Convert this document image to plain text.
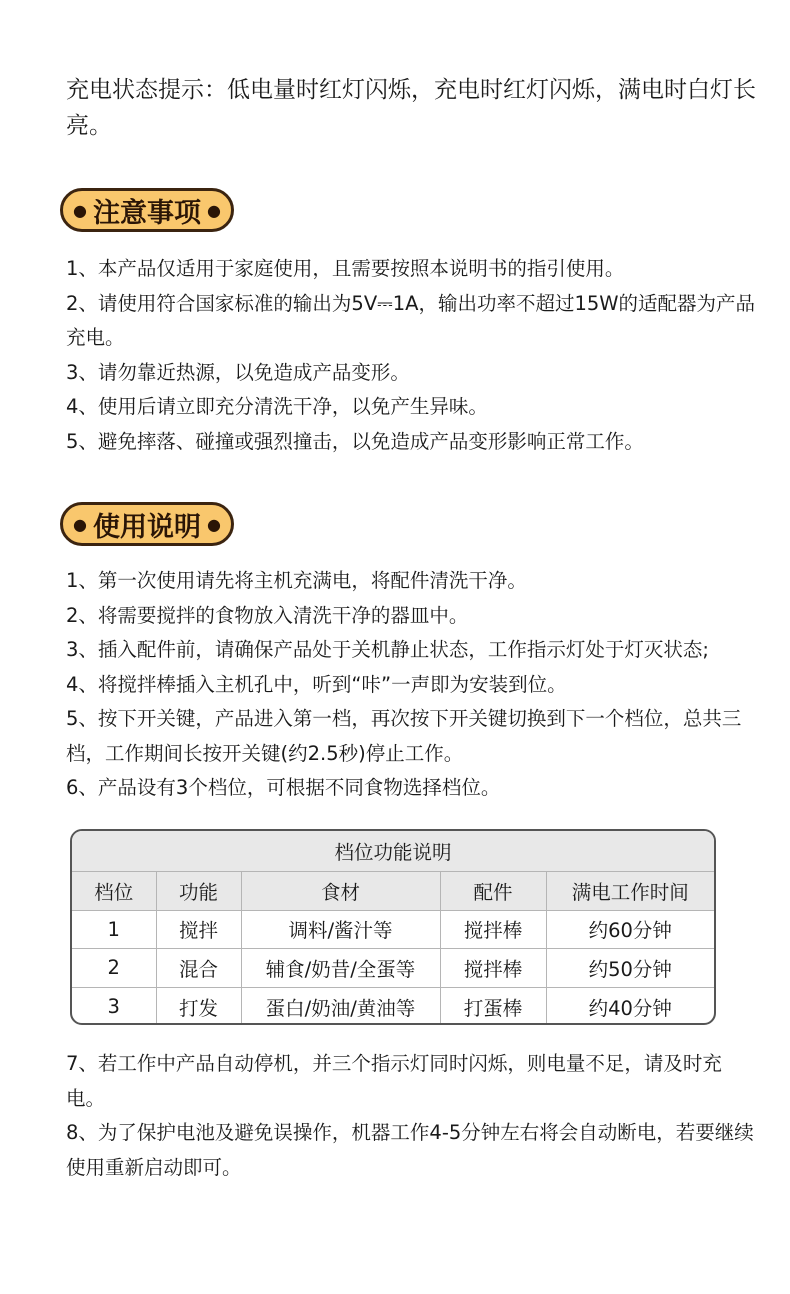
充电状态提示：低电量时红灯闪烁，充电时红灯闪烁，满电时白灯长亮。
● 注意事项 ●

1、本产品仅适用于家庭使用，且需要按照本说明书的指引使用。

2、请使用符合国家标准的输出为5V⎓1A，输出功率不超过15W的适配器为产品充电。

3、请勿靠近热源，以免造成产品变形。

4、使用后请立即充分清洗干净，以免产生异味。

5、避免摔落、碰撞或强烈撞击，以免造成产品变形影响正常工作。

● 使用说明 ●

1、第一次使用请先将主机充满电，将配件清洗干净。

2、将需要搅拌的食物放入清洗干净的器皿中。

3、插入配件前，请确保产品处于关机静止状态，工作指示灯处于灯灭状态;

4、将搅拌棒插入主机孔中，听到“咔”一声即为安装到位。

5、按下开关键，产品进入第一档，再次按下开关键切换到下一个档位，总共三档，工作期间长按开关键(约2.5秒)停止工作。

6、产品设有3个档位，可根据不同食物选择档位。

档位功能说明				
档位	功能	食材	配件	满电工作时间
1	搅拌	调料/酱汁等	搅拌棒	约60分钟
2	混合	辅食/奶昔/全蛋等	搅拌棒	约50分钟
3	打发	蛋白/奶油/黄油等	打蛋棒	约40分钟

7、若工作中产品自动停机，并三个指示灯同时闪烁，则电量不足，请及时充电。

8、为了保护电池及避免误操作，机器工作4-5分钟左右将会自动断电，若要继续使用重新启动即可。
